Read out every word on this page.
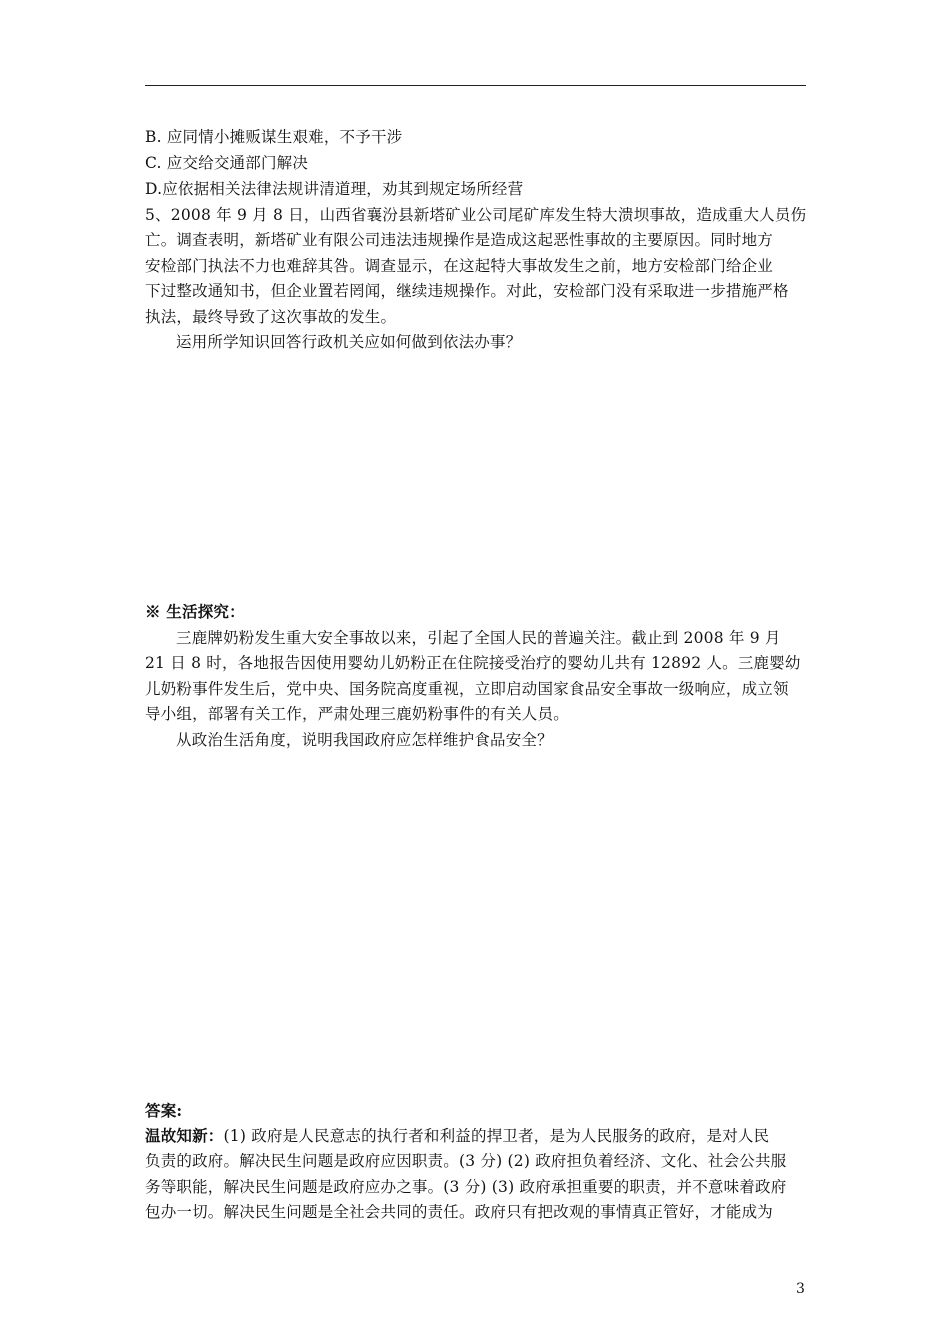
B. 应同情小摊贩谋生艰难，不予干涉
C. 应交给交通部门解决
D.应依据相关法律法规讲清道理，劝其到规定场所经营
5、2008 年 9 月 8 日，山西省襄汾县新塔矿业公司尾矿库发生特大溃坝事故，造成重大人员伤
亡。调查表明，新塔矿业有限公司违法违规操作是造成这起恶性事故的主要原因。同时地方
安检部门执法不力也难辞其咎。调查显示，在这起特大事故发生之前，地方安检部门给企业
下过整改通知书，但企业置若罔闻，继续违规操作。对此，安检部门没有采取进一步措施严格
执法，最终导致了这次事故的发生。
运用所学知识回答行政机关应如何做到依法办事？
※ 生活探究：
三鹿牌奶粉发生重大安全事故以来，引起了全国人民的普遍关注。截止到 2008 年 9 月
21 日 8 时，各地报告因使用婴幼儿奶粉正在住院接受治疗的婴幼儿共有 12892 人。三鹿婴幼
儿奶粉事件发生后，党中央、国务院高度重视，立即启动国家食品安全事故一级响应，成立领
导小组，部署有关工作，严肃处理三鹿奶粉事件的有关人员。
从政治生活角度，说明我国政府应怎样维护食品安全？
答案:
温故知新：(1) 政府是人民意志的执行者和利益的捍卫者，是为人民服务的政府，是对人民
负责的政府。解决民生问题是政府应因职责。(3 分) (2) 政府担负着经济、文化、社会公共服
务等职能，解决民生问题是政府应办之事。(3 分) (3) 政府承担重要的职责，并不意味着政府
包办一切。解决民生问题是全社会共同的责任。政府只有把改观的事情真正管好，才能成为
3
